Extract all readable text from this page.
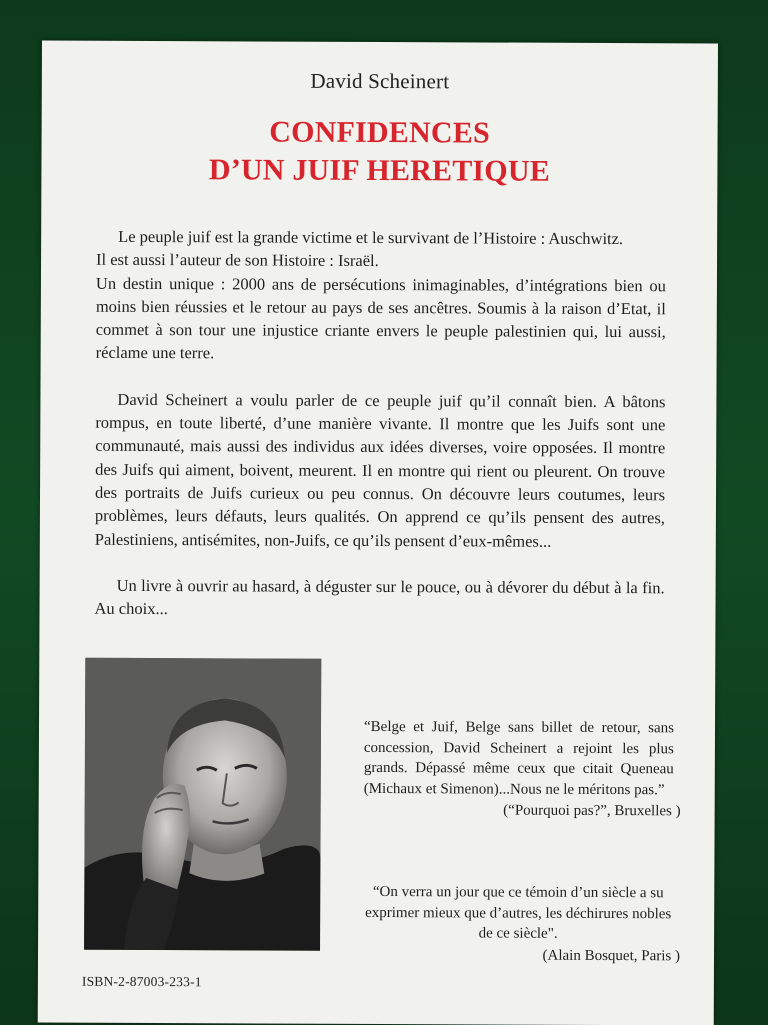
David Scheinert
CONFIDENCES
D’UN JUIF HERETIQUE

Le peuple juif est la grande victime et le survivant de l’Histoire : Auschwitz.
Il est aussi l’auteur de son Histoire : Israël.
Un destin unique : 2000 ans de persécutions inimaginables, d’intégrations bien ou moins bien réussies et le retour au pays de ses ancêtres. Soumis à la raison d’Etat, il commet à son tour une injustice criante envers le peuple palestinien qui, lui aussi, réclame une terre.

David Scheinert a voulu parler de ce peuple juif qu’il connaît bien. A bâtons rompus, en toute liberté, d’une manière vivante. Il montre que les Juifs sont une communauté, mais aussi des individus aux idées diverses, voire opposées. Il montre des Juifs qui aiment, boivent, meurent. Il en montre qui rient ou pleurent. On trouve des portraits de Juifs curieux ou peu connus. On découvre leurs coutumes, leurs problèmes, leurs défauts, leurs qualités. On apprend ce qu’ils pensent des autres, Palestiniens, antisémites, non-Juifs, ce qu’ils pensent d’eux-mêmes...

Un livre à ouvrir au hasard, à déguster sur le pouce, ou à dévorer du début à la fin. Au choix...

“Belge et Juif, Belge sans billet de retour, sans concession, David Scheinert a rejoint les plus grands. Dépassé même ceux que citait Queneau (Michaux et Simenon)...Nous ne le méritons pas.”
(“Pourquoi pas?”, Bruxelles )
“On verra un jour que ce témoin d’un siècle a su exprimer mieux que d’autres, les déchirures nobles de ce siècle".
(Alain Bosquet, Paris )
ISBN-2-87003-233-1
